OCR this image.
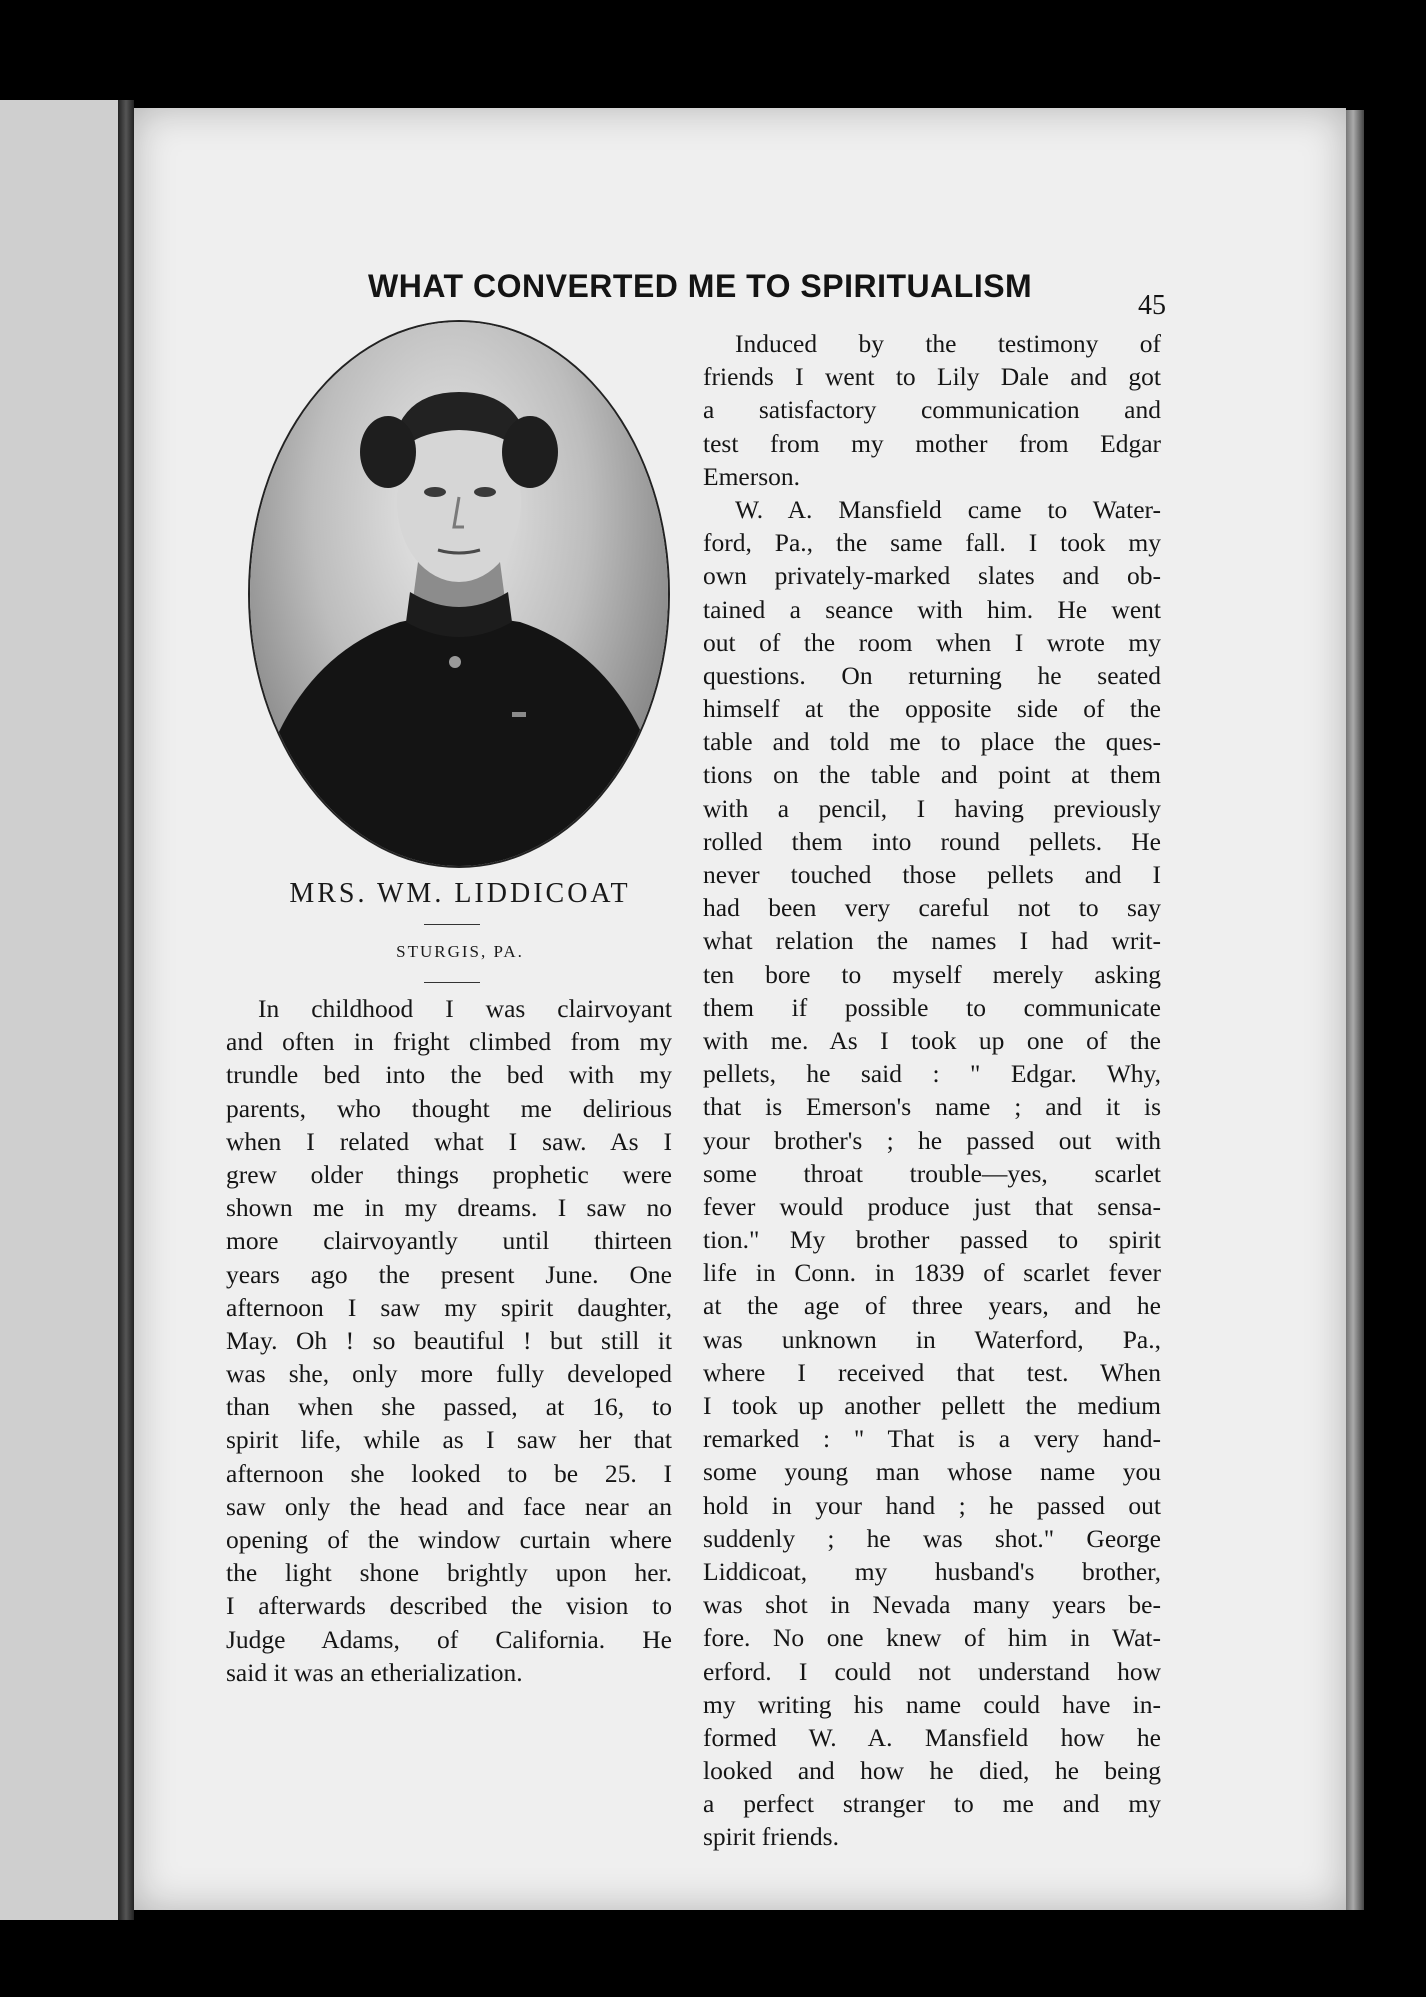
WHAT CONVERTED ME TO SPIRITUALISM
45
MRS. WM. LIDDICOAT
STURGIS, PA.
In childhood I was clairvoyant
and often in fright climbed from my
trundle bed into the bed with my
parents, who thought me delirious
when I related what I saw. As I
grew older things prophetic were
shown me in my dreams. I saw no
more clairvoyantly until thirteen
years ago the present June. One
afternoon I saw my spirit daughter,
May. Oh ! so beautiful ! but still it
was she, only more fully developed
than when she passed, at 16, to
spirit life, while as I saw her that
afternoon she looked to be 25. I
saw only the head and face near an
opening of the window curtain where
the light shone brightly upon her.
I afterwards described the vision to
Judge Adams, of California. He
said it was an etherialization.
Induced by the testimony of
friends I went to Lily Dale and got
a satisfactory communication and
test from my mother from Edgar
Emerson.
W. A. Mansfield came to Water-
ford, Pa., the same fall. I took my
own privately-marked slates and ob-
tained a seance with him. He went
out of the room when I wrote my
questions. On returning he seated
himself at the opposite side of the
table and told me to place the ques-
tions on the table and point at them
with a pencil, I having previously
rolled them into round pellets. He
never touched those pellets and I
had been very careful not to say
what relation the names I had writ-
ten bore to myself merely asking
them if possible to communicate
with me. As I took up one of the
pellets, he said : " Edgar. Why,
that is Emerson's name ; and it is
your brother's ; he passed out with
some throat trouble—yes, scarlet
fever would produce just that sensa-
tion." My brother passed to spirit
life in Conn. in 1839 of scarlet fever
at the age of three years, and he
was unknown in Waterford, Pa.,
where I received that test. When
I took up another pellett the medium
remarked : " That is a very hand-
some young man whose name you
hold in your hand ; he passed out
suddenly ; he was shot." George
Liddicoat, my husband's brother,
was shot in Nevada many years be-
fore. No one knew of him in Wat-
erford. I could not understand how
my writing his name could have in-
formed W. A. Mansfield how he
looked and how he died, he being
a perfect stranger to me and my
spirit friends.
